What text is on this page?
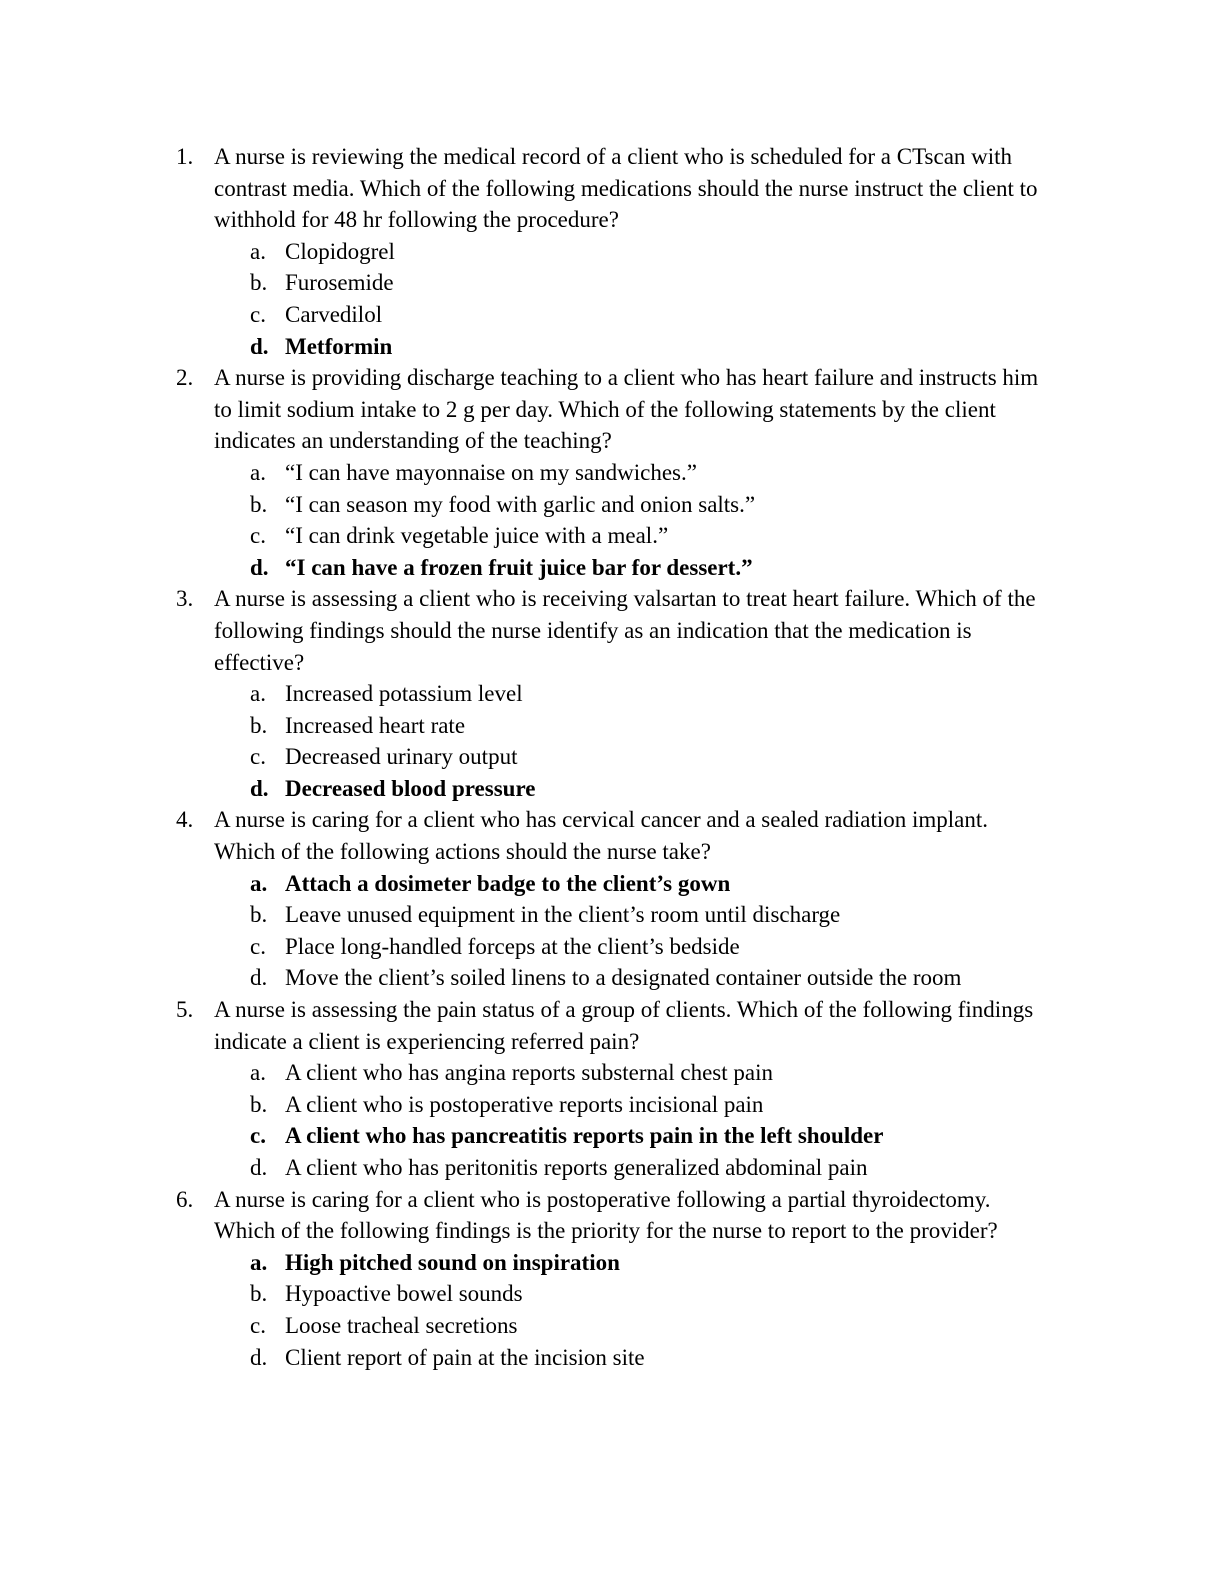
1. A nurse is reviewing the medical record of a client who is scheduled for a CTscan with
contrast media. Which of the following medications should the nurse instruct the client to
withhold for 48 hr following the procedure?
a. Clopidogrel
b. Furosemide
c. Carvedilol
d. Metformin
2. A nurse is providing discharge teaching to a client who has heart failure and instructs him
to limit sodium intake to 2 g per day. Which of the following statements by the client
indicates an understanding of the teaching?
a. “I can have mayonnaise on my sandwiches.”
b. “I can season my food with garlic and onion salts.”
c. “I can drink vegetable juice with a meal.”
d. “I can have a frozen fruit juice bar for dessert.”
3. A nurse is assessing a client who is receiving valsartan to treat heart failure. Which of the
following findings should the nurse identify as an indication that the medication is
effective?
a. Increased potassium level
b. Increased heart rate
c. Decreased urinary output
d. Decreased blood pressure
4. A nurse is caring for a client who has cervical cancer and a sealed radiation implant.
Which of the following actions should the nurse take?
a. Attach a dosimeter badge to the client’s gown
b. Leave unused equipment in the client’s room until discharge
c. Place long-handled forceps at the client’s bedside
d. Move the client’s soiled linens to a designated container outside the room
5. A nurse is assessing the pain status of a group of clients. Which of the following findings
indicate a client is experiencing referred pain?
a. A client who has angina reports substernal chest pain
b. A client who is postoperative reports incisional pain
c. A client who has pancreatitis reports pain in the left shoulder
d. A client who has peritonitis reports generalized abdominal pain
6. A nurse is caring for a client who is postoperative following a partial thyroidectomy.
Which of the following findings is the priority for the nurse to report to the provider?
a. High pitched sound on inspiration
b. Hypoactive bowel sounds
c. Loose tracheal secretions
d. Client report of pain at the incision site
